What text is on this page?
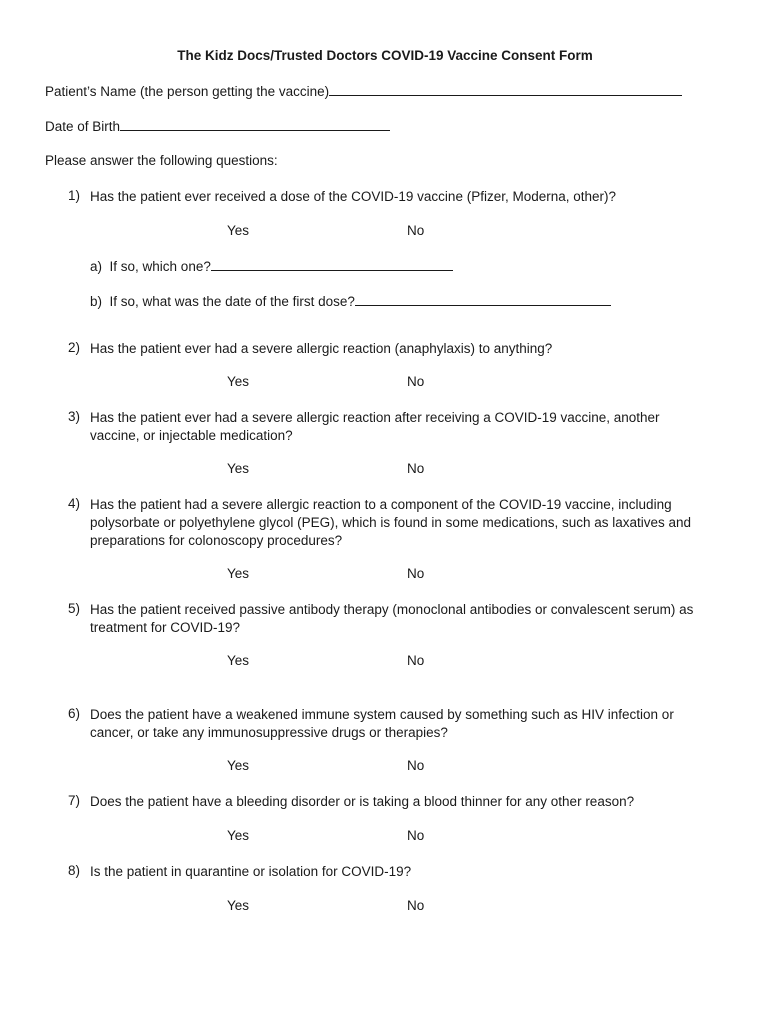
The Kidz Docs/Trusted Doctors COVID-19 Vaccine Consent Form
Patient’s Name (the person getting the vaccine)
Date of Birth
Please answer the following questions:
1) Has the patient ever received a dose of the COVID-19 vaccine (Pfizer, Moderna, other)?
Yes	No
a) If so, which one?
b) If so, what was the date of the first dose?
2) Has the patient ever had a severe allergic reaction (anaphylaxis) to anything?
Yes	No
3) Has the patient ever had a severe allergic reaction after receiving a COVID-19 vaccine, another vaccine, or injectable medication?
Yes	No
4) Has the patient had a severe allergic reaction to a component of the COVID-19 vaccine, including polysorbate or polyethylene glycol (PEG), which is found in some medications, such as laxatives and preparations for colonoscopy procedures?
Yes	No
5) Has the patient received passive antibody therapy (monoclonal antibodies or convalescent serum) as treatment for COVID-19?
Yes	No
6) Does the patient have a weakened immune system caused by something such as HIV infection or cancer, or take any immunosuppressive drugs or therapies?
Yes	No
7) Does the patient have a bleeding disorder or is taking a blood thinner for any other reason?
Yes	No
8) Is the patient in quarantine or isolation for COVID-19?
Yes	No
